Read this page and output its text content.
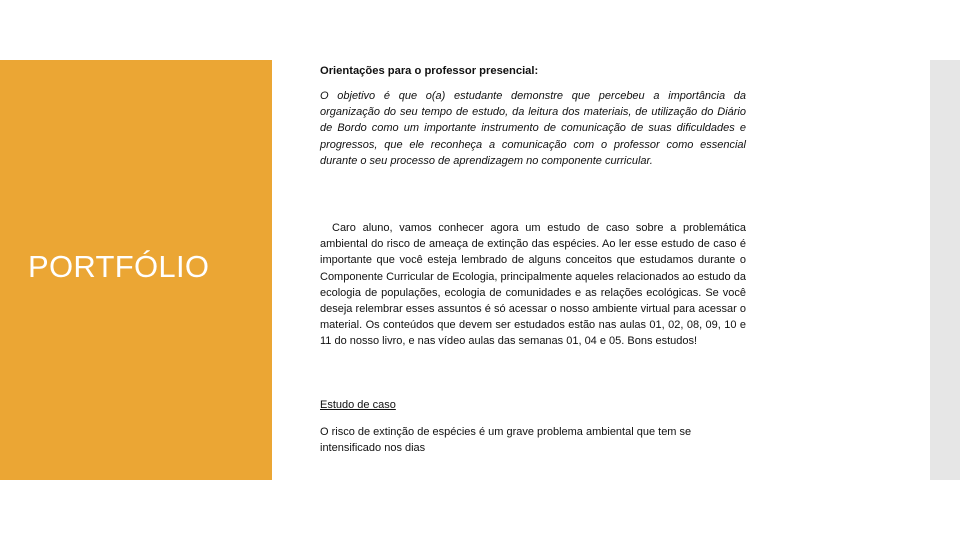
PORTFÓLIO
Orientações para o professor presencial:
O objetivo é que o(a) estudante demonstre que percebeu a importância da organização do seu tempo de estudo, da leitura dos materiais, de utilização do Diário de Bordo como um importante instrumento de comunicação de suas dificuldades e progressos, que ele reconheça a comunicação com o professor como essencial durante o seu processo de aprendizagem no componente curricular.
Caro aluno, vamos conhecer agora um estudo de caso sobre a problemática ambiental do risco de ameaça de extinção das espécies. Ao ler esse estudo de caso é importante que você esteja lembrado de alguns conceitos que estudamos durante o Componente Curricular de Ecologia, principalmente aqueles relacionados ao estudo da ecologia de populações, ecologia de comunidades e as relações ecológicas. Se você deseja relembrar esses assuntos é só acessar o nosso ambiente virtual para acessar o material. Os conteúdos que devem ser estudados estão nas aulas 01, 02, 08, 09, 10 e 11 do nosso livro, e nas vídeo aulas das semanas 01, 04 e 05. Bons estudos!
Estudo de caso
O risco de extinção de espécies é um grave problema ambiental que tem se intensificado nos dias
